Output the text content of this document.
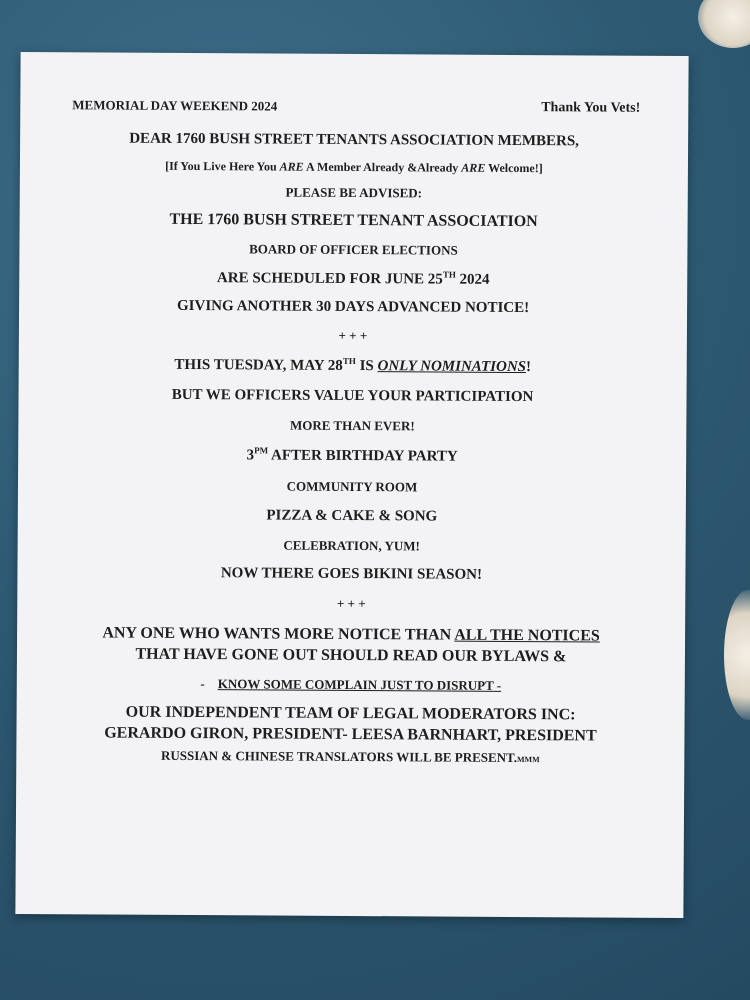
MEMORIAL DAY WEEKEND 2024	Thank You Vets!
DEAR 1760 BUSH STREET TENANTS ASSOCIATION MEMBERS,
[If You Live Here You ARE A Member Already &Already ARE Welcome!]
PLEASE BE ADVISED:
THE 1760 BUSH STREET TENANT ASSOCIATION
BOARD OF OFFICER ELECTIONS
ARE SCHEDULED FOR JUNE 25TH 2024
GIVING ANOTHER 30 DAYS ADVANCED NOTICE!
+ + +
THIS TUESDAY, MAY 28TH IS ONLY NOMINATIONS!
BUT WE OFFICERS VALUE YOUR PARTICIPATION
MORE THAN EVER!
$3^{PM}$ AFTER BIRTHDAY PARTY
COMMUNITY ROOM
PIZZA & CAKE & SONG
CELEBRATION, YUM!
NOW THERE GOES BIKINI SEASON!
+ + +
ANY ONE WHO WANTS MORE NOTICE THAN ALL THE NOTICES
THAT HAVE GONE OUT SHOULD READ OUR BYLAWS &
- KNOW SOME COMPLAIN JUST TO DISRUPT -
OUR INDEPENDENT TEAM OF LEGAL MODERATORS INC:
GERARDO GIRON, PRESIDENT- LEESA BARNHART, PRESIDENT
RUSSIAN & CHINESE TRANSLATORS WILL BE PRESENT.MMM
